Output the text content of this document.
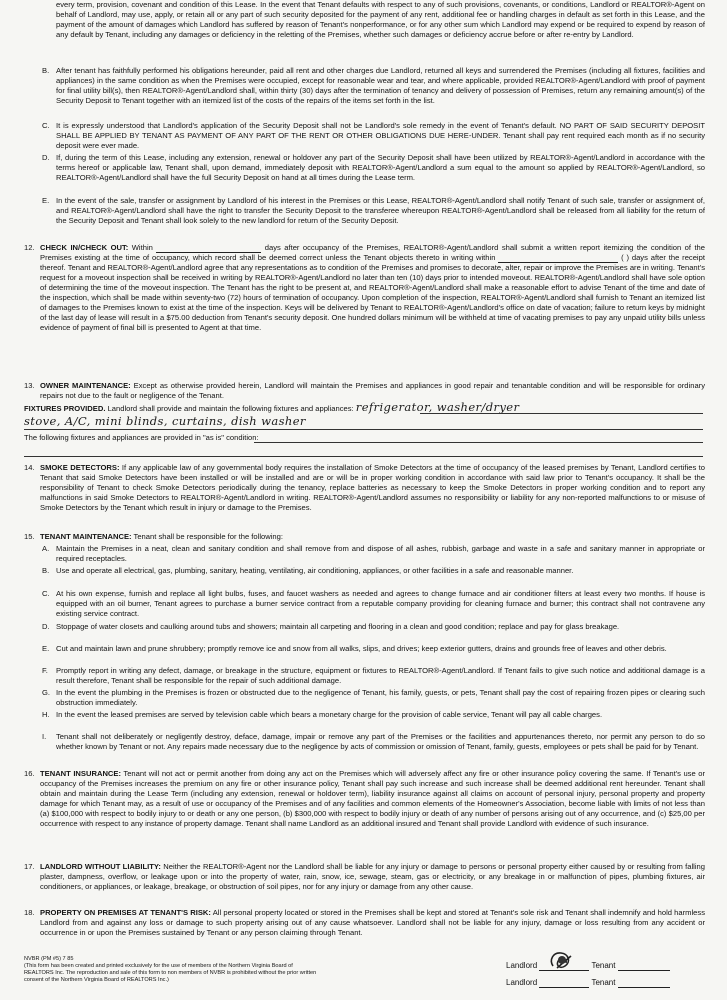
every term, provision, covenant and condition of this Lease. In the event that Tenant defaults with respect to any of such provisions, covenants, or conditions, Landlord or REALTOR®-Agent on behalf of Landlord, may use, apply, or retain all or any part of such security deposited for the payment of any rent, additional fee or handling charges in default as set forth in this Lease, and the payment of the amount of damages which Landlord has suffered by reason of Tenant's nonperformance, or for any other sum which Landlord may expend or be required to expend by reason of any default by Tenant, including any damages or deficiency in the reletting of the Premises, whether such damages or deficiency accrue before or after re-entry by Landlord.
B. After tenant has faithfully performed his obligations hereunder, paid all rent and other charges due Landlord, returned all keys and surrendered the Premises (including all fixtures, facilities and appliances) in the same condition as when the Premises were occupied, except for reasonable wear and tear, and where applicable, provided REALTOR®-Agent/Landlord with proof of payment for final utility bill(s), then REALTOR®-Agent/Landlord shall, within thirty (30) days after the termination of tenancy and delivery of possession of Premises, return any remaining amount(s) of the Security Deposit to Tenant together with an itemized list of the costs of the repairs of the items set forth in the list.
C. It is expressly understood that Landlord's application of the Security Deposit shall not be Landlord's sole remedy in the event of Tenant's default. NO PART OF SAID SECURITY DEPOSIT SHALL BE APPLIED BY TENANT AS PAYMENT OF ANY PART OF THE RENT OR OTHER OBLIGATIONS DUE HERE-UNDER. Tenant shall pay rent required each month as if no security deposit were ever made.
D. If, during the term of this Lease, including any extension, renewal or holdover any part of the Security Deposit shall have been utilized by REALTOR®-Agent/Landlord in accordance with the terms hereof or applicable law, Tenant shall, upon demand, immediately deposit with REALTOR®-Agent/Landlord a sum equal to the amount so applied by REALTOR®-Agent/Landlord, so REALTOR®-Agent/Landlord shall have the full Security Deposit on hand at all times during the Lease term.
E. In the event of the sale, transfer or assignment by Landlord of his interest in the Premises or this Lease, REALTOR®-Agent/Landlord shall notify Tenant of such sale, transfer or assignment of, and REALTOR®-Agent/Landlord shall have the right to transfer the Security Deposit to the transferee whereupon REALTOR®-Agent/Landlord shall be released from all liability for the return of the Security Deposit and Tenant shall look solely to the new landlord for return of the Security Deposit.
12. CHECK IN/CHECK OUT: Within	days after occupancy of the Premises, REALTOR®-Agent/Landlord shall submit a written report itemizing the condition of the Premises existing at the time of occupancy, which record shall be deemed correct unless the Tenant objects thereto in writing within	( ) days after the receipt thereof. Tenant and REALTOR®-Agent/Landlord agree that any representations as to condition of the Premises and promises to decorate, alter, repair or improve the Premises are in writing. Tenant's request for a moveout inspection shall be received in writing by REALTOR®-Agent/Landlord no later than ten (10) days prior to intended moveout. REALTOR®-Agent/Landlord shall have sole option of determining the time of the moveout inspection. The Tenant has the right to be present at, and REALTOR®-Agent/Landlord shall make a reasonable effort to advise Tenant of the time and date of the inspection, which shall be made within seventy-two (72) hours of termination of occupancy. Upon completion of the inspection, REALTOR®-Agent/Landlord shall furnish to Tenant an itemized list of damages to the Premises known to exist at the time of the inspection. Keys will be delivered by Tenant to REALTOR®-Agent/Landlord's office on date of vacation; failure to return keys by midnight of the last day of lease will result in a $75.00 deduction from Tenant's security deposit. One hundred dollars minimum will be withheld at time of vacating premises to pay any unpaid utility bills unless evidence of payment of final bill is presented to Agent at that time.
13. OWNER MAINTENANCE: Except as otherwise provided herein, Landlord will maintain the Premises and appliances in good repair and tenantable condition and will be responsible for ordinary repairs not due to the fault or negligence of the Tenant.
FIXTURES PROVIDED. Landlord shall provide and maintain the following fixtures and appliances: refrigerator, washer/dryer
stove, A/C, mini blinds, curtains, dish washer
The following fixtures and appliances are provided in "as is" condition:
14. SMOKE DETECTORS: If any applicable law of any governmental body requires the installation of Smoke Detectors at the time of occupancy of the leased premises by Tenant, Landlord certifies to Tenant that said Smoke Detectors have been installed or will be installed and are or will be in proper working condition in accordance with said law prior to Tenant's occupancy. It shall be the responsibility of Tenant to check Smoke Detectors periodically during the tenancy, replace batteries as necessary to keep the Smoke Detectors in proper working condition and to report any malfunctions in said Smoke Detectors to REALTOR®-Agent/Landlord in writing. REALTOR®-Agent/Landlord assumes no responsibility or liability for any non-reported malfunctions to or misuse of Smoke Detectors by the Tenant which result in injury or damage to the Premises.
15. TENANT MAINTENANCE: Tenant shall be responsible for the following:
A. Maintain the Premises in a neat, clean and sanitary condition and shall remove from and dispose of all ashes, rubbish, garbage and waste in a safe and sanitary manner in appropriate or required receptacles.
B. Use and operate all electrical, gas, plumbing, sanitary, heating, ventilating, air conditioning, appliances, or other facilities in a safe and reasonable manner.
C. At his own expense, furnish and replace all light bulbs, fuses, and faucet washers as needed and agrees to change furnace and air conditioner filters at least every two months. If house is equipped with an oil burner, Tenant agrees to purchase a burner service contract from a reputable company providing for cleaning furnace and burner; this contract shall not contravene any existing service contract.
D. Stoppage of water closets and caulking around tubs and showers; maintain all carpeting and flooring in a clean and good condition; replace and pay for glass breakage.
E. Cut and maintain lawn and prune shrubbery; promptly remove ice and snow from all walks, slips, and drives; keep exterior gutters, drains and grounds free of leaves and other debris.
F. Promptly report in writing any defect, damage, or breakage in the structure, equipment or fixtures to REALTOR®-Agent/Landlord. If Tenant fails to give such notice and additional damage is a result therefore, Tenant shall be responsible for the repair of such additional damage.
G. In the event the plumbing in the Premises is frozen or obstructed due to the negligence of Tenant, his family, guests, or pets, Tenant shall pay the cost of repairing frozen pipes or clearing such obstruction immediately.
H. In the event the leased premises are served by television cable which bears a monetary charge for the provision of cable service, Tenant will pay all cable charges.
I. Tenant shall not deliberately or negligently destroy, deface, damage, impair or remove any part of the Premises or the facilities and appurtenances thereto, nor permit any person to do so whether known by Tenant or not. Any repairs made necessary due to the negligence by acts of commission or omission of Tenant, family, guests, employees or pets shall be paid for by Tenant.
16. TENANT INSURANCE: Tenant will not act or permit another from doing any act on the Premises which will adversely affect any fire or other insurance policy covering the same. If Tenant's use or occupancy of the Premises increases the premium on any fire or other insurance policy, Tenant shall pay such increase and such increase shall be deemed additional rent hereunder. Tenant shall obtain and maintain during the Lease Term (including any extension, renewal or holdover term), liability insurance against all claims on account of personal injury, personal property and property damage for which Tenant may, as a result of use or occupancy of the Premises and of any facilities and common elements of the Homeowner's Association, become liable with limits of not less than (a) $100,000 with respect to bodily injury to or death or any one person, (b) $300,000 with respect to bodily injury or death of any number of persons arising out of any occurrence, and (c) $25,00 per occurrence with respect to any instance of property damage. Tenant shall name Landlord as an additional insured and Tenant shall provide Landlord with evidence of such insurance.
17. LANDLORD WITHOUT LIABILITY: Neither the REALTOR®-Agent nor the Landlord shall be liable for any injury or damage to persons or personal property either caused by or resulting from falling plaster, dampness, overflow, or leakage upon or into the property of water, rain, snow, ice, sewage, steam, gas or electricity, or any breakage in or malfunction of pipes, plumbing fixtures, air conditioners, or appliances, or leakage, breakage, or obstruction of soil pipes, nor for any injury or damage from any other cause.
18. PROPERTY ON PREMISES AT TENANT'S RISK: All personal property located or stored in the Premises shall be kept and stored at Tenant's sole risk and Tenant shall indemnify and hold harmless Landlord from and against any loss or damage to such property arising out of any cause whatsoever. Landlord shall not be liable for any injury, damage or loss resulting from any accident or occurrence in or upon the Premises sustained by Tenant or any person claiming through Tenant.
NVBR (PM #5) 7 85
(This form has been created and printed exclusively for the use of members of the Northern Virginia Board of REALTORS Inc. The reproduction and sale of this form to non members of NVBR is prohibited without the prior written consent of the Northern Virginia Board of REALTORS Inc.)
Landlord	Tenant
Landlord	Tenant
